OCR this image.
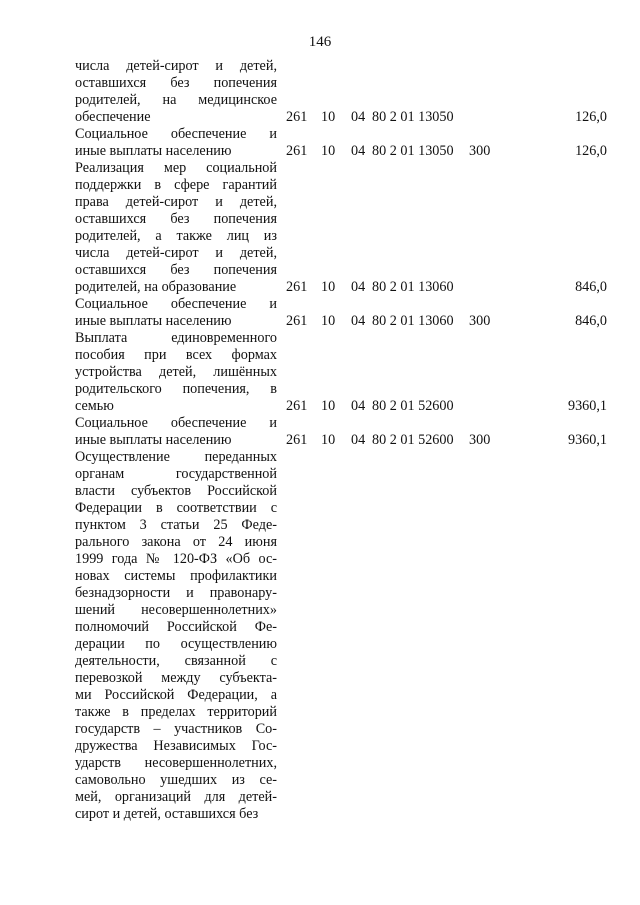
146
числа детей-сирот и детей,
оставшихся без попечения
родителей, на медицинское
обеспечение	261 10 04 80 2 01 13050	126,0
Социальное обеспечение и
иные выплаты населению	261 10 04 80 2 01 13050 300	126,0
Реализация мер социальной
поддержки в сфере гарантий
права детей-сирот и детей,
оставшихся без попечения
родителей, а также лиц из
числа детей-сирот и детей,
оставшихся без попечения
родителей, на образование	261 10 04 80 2 01 13060	846,0
Социальное обеспечение и
иные выплаты населению	261 10 04 80 2 01 13060 300	846,0
Выплата единовременного
пособия при всех формах
устройства детей, лишённых
родительского попечения, в
семью	261 10 04 80 2 01 52600	9360,1
Социальное обеспечение и
иные выплаты населению	261 10 04 80 2 01 52600 300	9360,1
Осуществление переданных
органам государственной
власти субъектов Российской
Федерации в соответствии с
пунктом 3 статьи 25 Феде-
рального закона от 24 июня
1999 года № 120-ФЗ «Об ос-
новах системы профилактики
безнадзорности и правонару-
шений несовершеннолетних»
полномочий Российской Фе-
дерации по осуществлению
деятельности, связанной с
перевозкой между субъекта-
ми Российской Федерации, а
также в пределах территорий
государств – участников Со-
дружества Независимых Гос-
ударств несовершеннолетних,
самовольно ушедших из се-
мей, организаций для детей-
сирот и детей, оставшихся без
